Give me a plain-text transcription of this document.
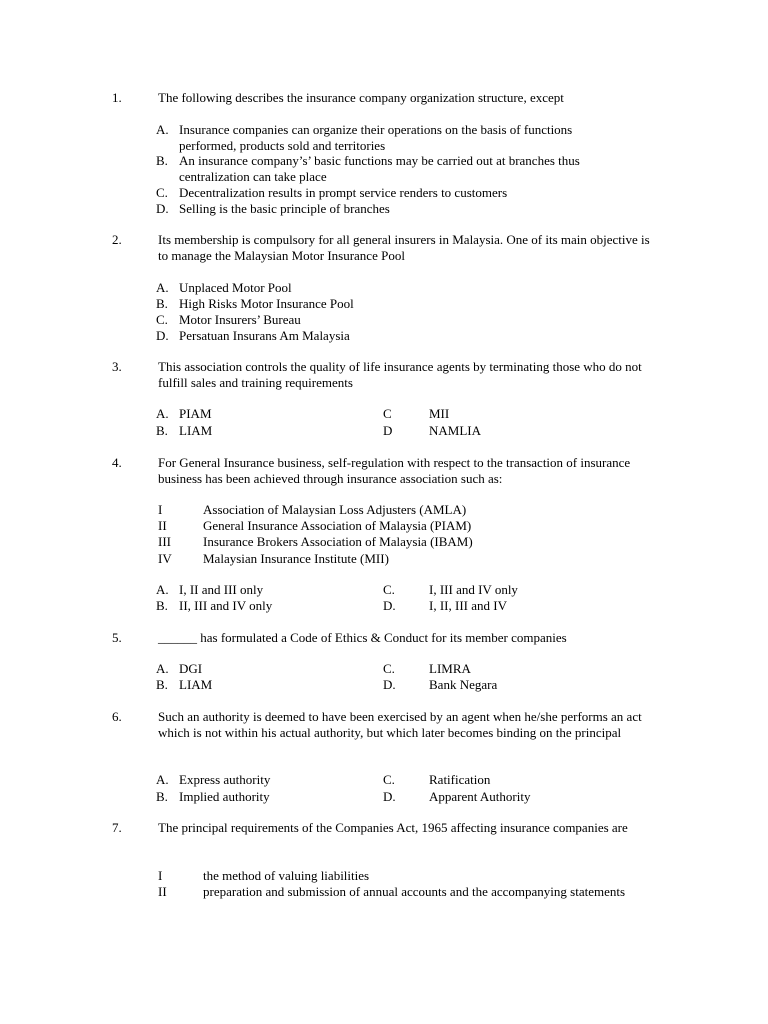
1.	The following describes the insurance company organization structure, except
A. Insurance companies can organize their operations on the basis of functions performed, products sold and territories
B. An insurance company’s’ basic functions may be carried out at branches thus centralization can take place
C. Decentralization results in prompt service renders to customers
D. Selling is the basic principle of branches
2.	Its membership is compulsory for all general insurers in Malaysia. One of its main objective is to manage the Malaysian Motor Insurance Pool
A. Unplaced Motor Pool
B. High Risks Motor Insurance Pool
C. Motor Insurers’ Bureau
D. Persatuan Insurans Am Malaysia
3.	This association controls the quality of life insurance agents by terminating those who do not fulfill sales and training requirements
A. PIAM	C	MII
B. LIAM	D	NAMLIA
4.	For General Insurance business, self-regulation with respect to the transaction of insurance business has been achieved through insurance association such as:
I	Association of Malaysian Loss Adjusters (AMLA)
II	General Insurance Association of Malaysia (PIAM)
III Insurance Brokers Association of Malaysia (IBAM)
IV Malaysian Insurance Institute (MII)
A. I, II and III only	C.	I, III and IV only
B. II, III and IV only	D.	I, II, III and IV
5.	______ has formulated a Code of Ethics & Conduct for its member companies
A. DGI	C.	LIMRA
B. LIAM	D.	Bank Negara
6.	Such an authority is deemed to have been exercised by an agent when he/she performs an act which is not within his actual authority, but which later becomes binding on the principal
A. Express authority	C.	Ratification
B. Implied authority	D.	Apparent Authority
7.	The principal requirements of the Companies Act, 1965 affecting insurance companies are
I	the method of valuing liabilities
II	preparation and submission of annual accounts and the accompanying statements
